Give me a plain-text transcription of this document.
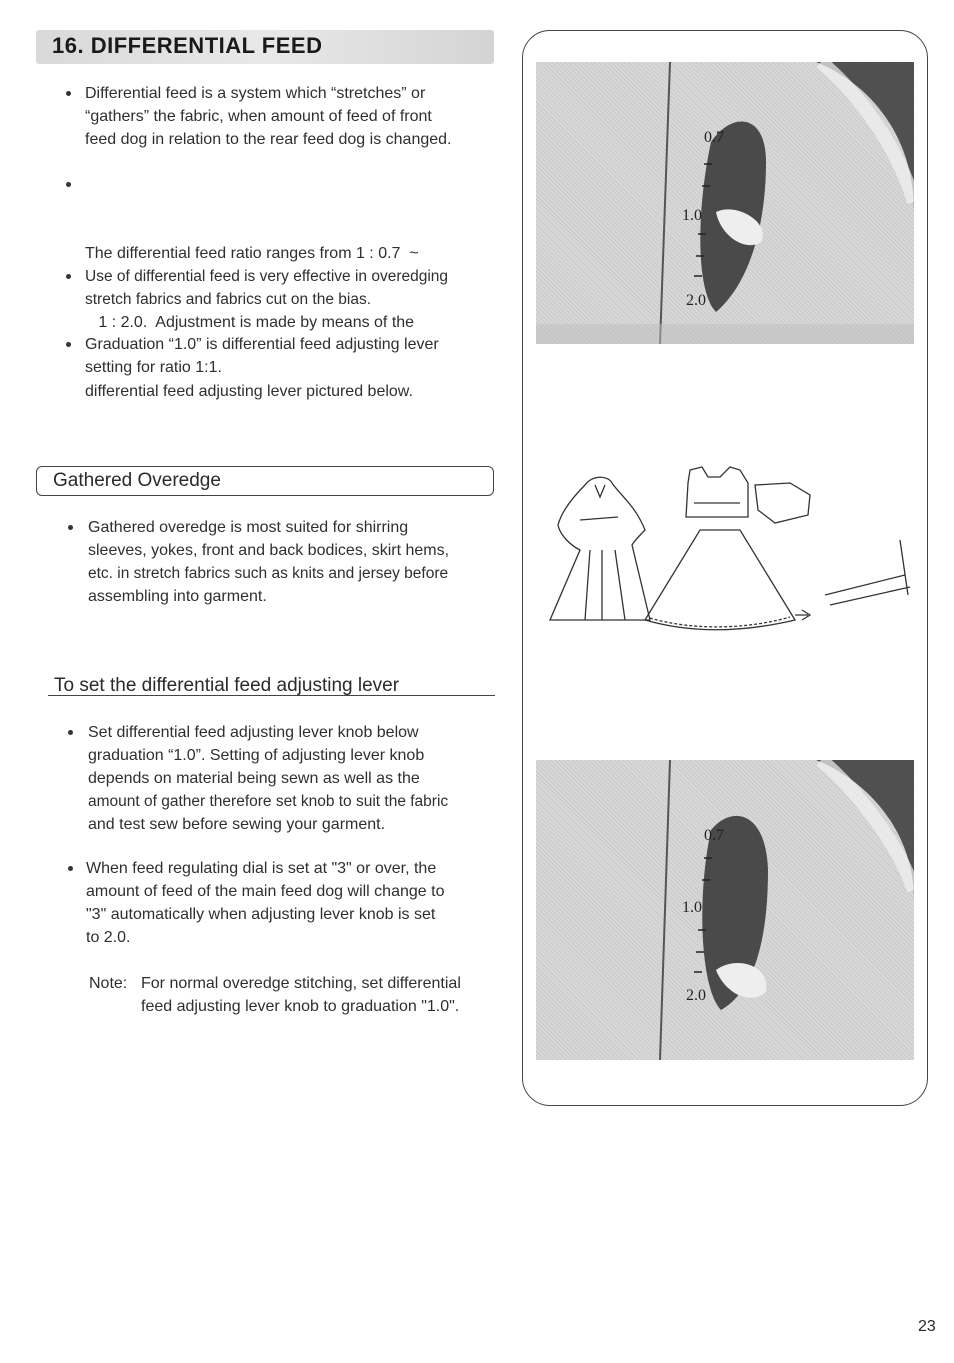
16. DIFFERENTIAL FEED
Differential feed is a system which “stretches” or
“gathers” the fabric, when amount of feed of front
feed dog in relation to the rear feed dog is changed.

The differential feed ratio ranges from 1 : 0.7  ~

1 : 2.0.  Adjustment is made by means of the

differential feed adjusting lever pictured below.

Use of differential feed is very effective in overedging
stretch fabrics and fabrics cut on the bias.
Graduation “1.0” is differential feed adjusting lever
setting for ratio 1:1.
Gathered Overedge
Gathered overedge is most suited for shirring
sleeves, yokes, front and back bodices, skirt hems,
etc. in stretch fabrics such as knits and jersey before
assembling into garment.
To set the differential feed adjusting lever
Set differential feed adjusting lever knob below
graduation “1.0”. Setting of adjusting lever knob
depends on material being sewn as well as the
amount of gather therefore set knob to suit the fabric
and test sew before sewing your garment.
When feed regulating dial is set at "3" or over, the
amount of feed of the main feed dog will change to
"3" automatically when adjusting lever knob is set
to 2.0.
Note: For normal overedge stitching, set differential
feed adjusting lever knob to graduation "1.0".
0.7
1.0
2.0
0.7
1.0
2.0
23
